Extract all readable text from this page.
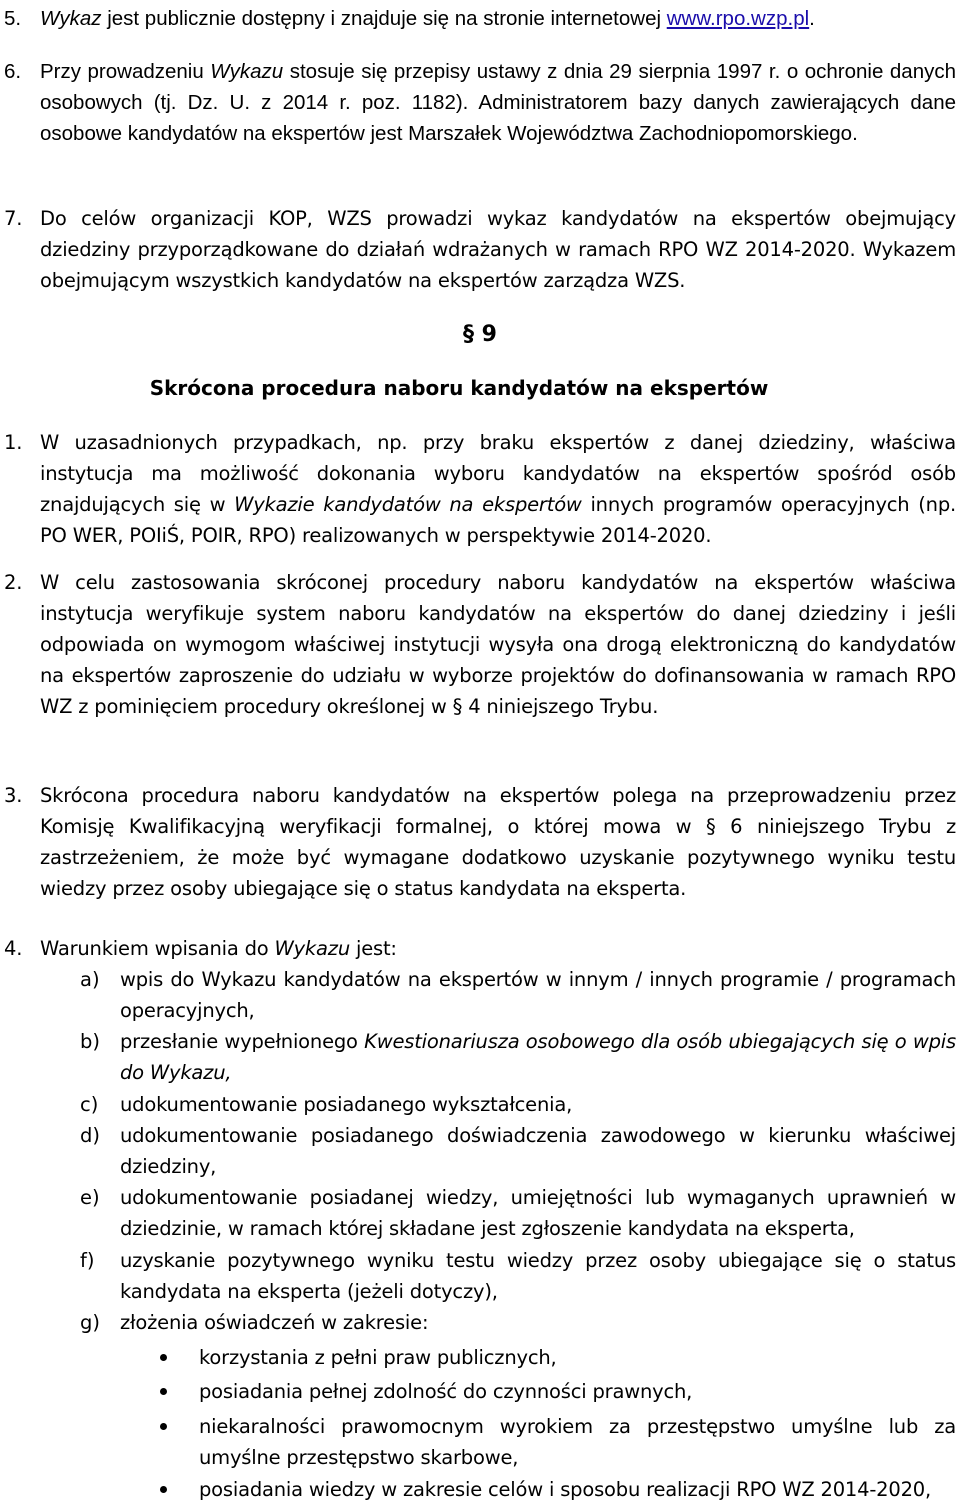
5. Wykaz jest publicznie dostępny i znajduje się na stronie internetowej www.rpo.wzp.pl.
6. Przy prowadzeniu Wykazu stosuje się przepisy ustawy z dnia 29 sierpnia 1997 r. o ochronie danych osobowych (tj. Dz. U. z 2014 r. poz. 1182). Administratorem bazy danych zawierających dane osobowe kandydatów na ekspertów jest Marszałek Województwa Zachodniopomorskiego.
7. Do celów organizacji KOP, WZS prowadzi wykaz kandydatów na ekspertów obejmujący dziedziny przyporządkowane do działań wdrażanych w ramach RPO WZ 2014-2020. Wykazem obejmującym wszystkich kandydatów na ekspertów zarządza WZS.
§ 9
Skrócona procedura naboru kandydatów na ekspertów
1. W uzasadnionych przypadkach, np. przy braku ekspertów z danej dziedziny, właściwa instytucja ma możliwość dokonania wyboru kandydatów na ekspertów spośród osób znajdujących się w Wykazie kandydatów na ekspertów innych programów operacyjnych (np. PO WER, POIiŚ, POIR, RPO) realizowanych w perspektywie 2014-2020.
2. W celu zastosowania skróconej procedury naboru kandydatów na ekspertów właściwa instytucja weryfikuje system naboru kandydatów na ekspertów do danej dziedziny i jeśli odpowiada on wymogom właściwej instytucji wysyła ona drogą elektroniczną do kandydatów na ekspertów zaproszenie do udziału w wyborze projektów do dofinansowania w ramach RPO WZ z pominięciem procedury określonej w § 4 niniejszego Trybu.
3. Skrócona procedura naboru kandydatów na ekspertów polega na przeprowadzeniu przez Komisję Kwalifikacyjną weryfikacji formalnej, o której mowa w § 6 niniejszego Trybu z zastrzeżeniem, że może być wymagane dodatkowo uzyskanie pozytywnego wyniku testu wiedzy przez osoby ubiegające się o status kandydata na eksperta.
4. Warunkiem wpisania do Wykazu jest:
a) wpis do Wykazu kandydatów na ekspertów w innym / innych programie / programach operacyjnych,
b) przesłanie wypełnionego Kwestionariusza osobowego dla osób ubiegających się o wpis do Wykazu,
c) udokumentowanie posiadanego wykształcenia,
d) udokumentowanie posiadanego doświadczenia zawodowego w kierunku właściwej dziedziny,
e) udokumentowanie posiadanej wiedzy, umiejętności lub wymaganych uprawnień w dziedzinie, w ramach której składane jest zgłoszenie kandydata na eksperta,
f) uzyskanie pozytywnego wyniku testu wiedzy przez osoby ubiegające się o status kandydata na eksperta (jeżeli dotyczy),
g) złożenia oświadczeń w zakresie:
korzystania z pełni praw publicznych,
posiadania pełnej zdolność do czynności prawnych,
niekaralności prawomocnym wyrokiem za przestępstwo umyślne lub za umyślne przestępstwo skarbowe,
posiadania wiedzy w zakresie celów i sposobu realizacji RPO WZ 2014-2020,
